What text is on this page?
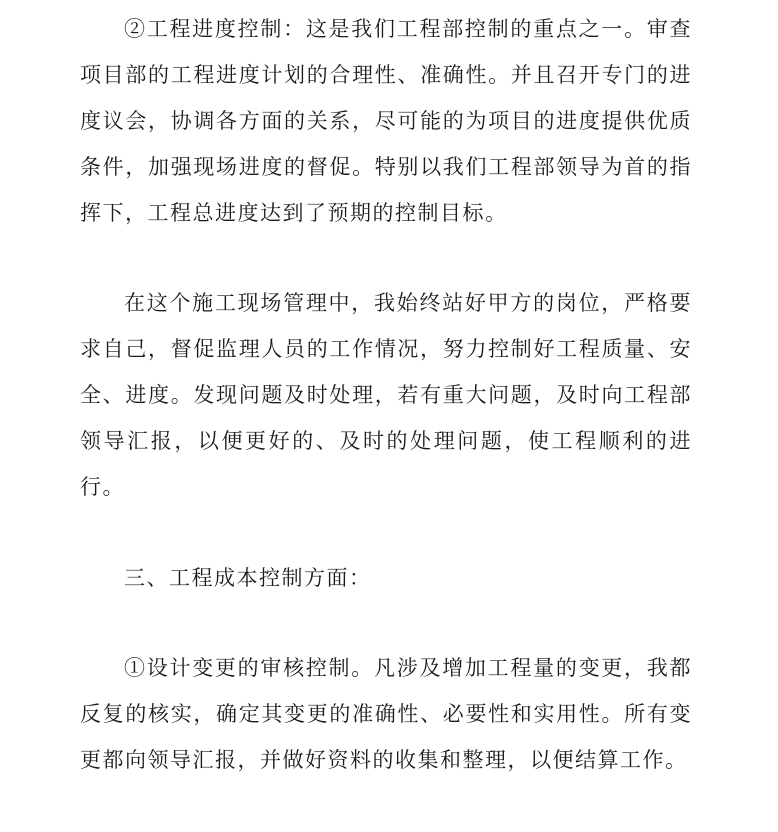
②工程进度控制：这是我们工程部控制的重点之一。审查项目部的工程进度计划的合理性、准确性。并且召开专门的进度议会，协调各方面的关系，尽可能的为项目的进度提供优质条件，加强现场进度的督促。特别以我们工程部领导为首的指挥下，工程总进度达到了预期的控制目标。

在这个施工现场管理中，我始终站好甲方的岗位，严格要求自己，督促监理人员的工作情况，努力控制好工程质量、安全、进度。发现问题及时处理，若有重大问题，及时向工程部领导汇报，以便更好的、及时的处理问题，使工程顺利的进行。

三、工程成本控制方面：

①设计变更的审核控制。凡涉及增加工程量的变更，我都反复的核实，确定其变更的准确性、必要性和实用性。所有变更都向领导汇报，并做好资料的收集和整理，以便结算工作。
